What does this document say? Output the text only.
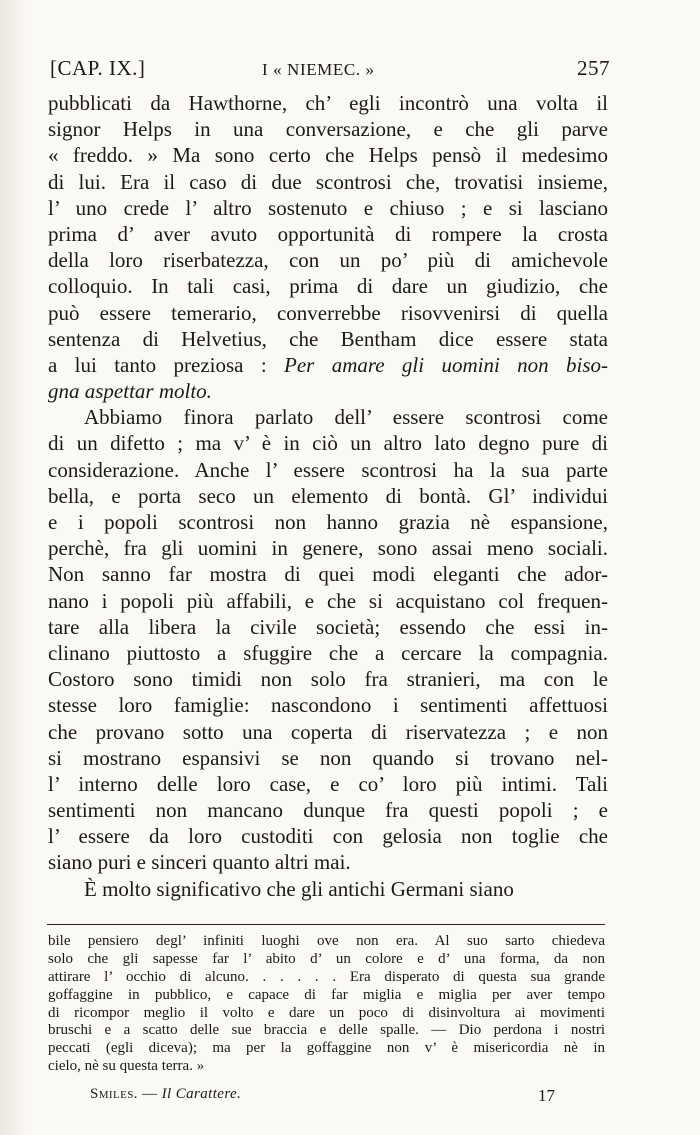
[CAP. IX.]	I « NIEMEC. »	257
pubblicati da Hawthorne, ch’ egli incontrò una volta il
signor Helps in una conversazione, e che gli parve
« freddo. » Ma sono certo che Helps pensò il medesimo
di lui. Era il caso di due scontrosi che, trovatisi insieme,
l’ uno crede l’ altro sostenuto e chiuso ; e si lasciano
prima d’ aver avuto opportunità di rompere la crosta
della loro riserbatezza, con un po’ più di amichevole
colloquio. In tali casi, prima di dare un giudizio, che
può essere temerario, converrebbe risovvenirsi di quella
sentenza di Helvetius, che Bentham dice essere stata
a lui tanto preziosa : Per amare gli uomini non biso-
gna aspettar molto.
Abbiamo finora parlato dell’ essere scontrosi come
di un difetto ; ma v’ è in ciò un altro lato degno pure di
considerazione. Anche l’ essere scontrosi ha la sua parte
bella, e porta seco un elemento di bontà. Gl’ individui
e i popoli scontrosi non hanno grazia nè espansione,
perchè, fra gli uomini in genere, sono assai meno sociali.
Non sanno far mostra di quei modi eleganti che ador-
nano i popoli più affabili, e che si acquistano col frequen-
tare alla libera la civile società; essendo che essi in-
clinano piuttosto a sfuggire che a cercare la compagnia.
Costoro sono timidi non solo fra stranieri, ma con le
stesse loro famiglie: nascondono i sentimenti affettuosi
che provano sotto una coperta di riservatezza ; e non
si mostrano espansivi se non quando si trovano nel-
l’ interno delle loro case, e co’ loro più intimi. Tali
sentimenti non mancano dunque fra questi popoli ; e
l’ essere da loro custoditi con gelosia non toglie che
siano puri e sinceri quanto altri mai.
È molto significativo che gli antichi Germani siano
bile pensiero degl’ infiniti luoghi ove non era. Al suo sarto chiedeva
solo che gli sapesse far l’ abito d’ un colore e d’ una forma, da non
attirare l’ occhio di alcuno. . . . . . Era disperato di questa sua grande
goffaggine in pubblico, e capace di far miglia e miglia per aver tempo
di ricompor meglio il volto e dare un poco di disinvoltura ai movimenti
bruschi e a scatto delle sue braccia e delle spalle. — Dio perdona i nostri
peccati (egli diceva); ma per la goffaggine non v’ è misericordia nè in
cielo, nè su questa terra. »
Smiles. — Il Carattere.	17
